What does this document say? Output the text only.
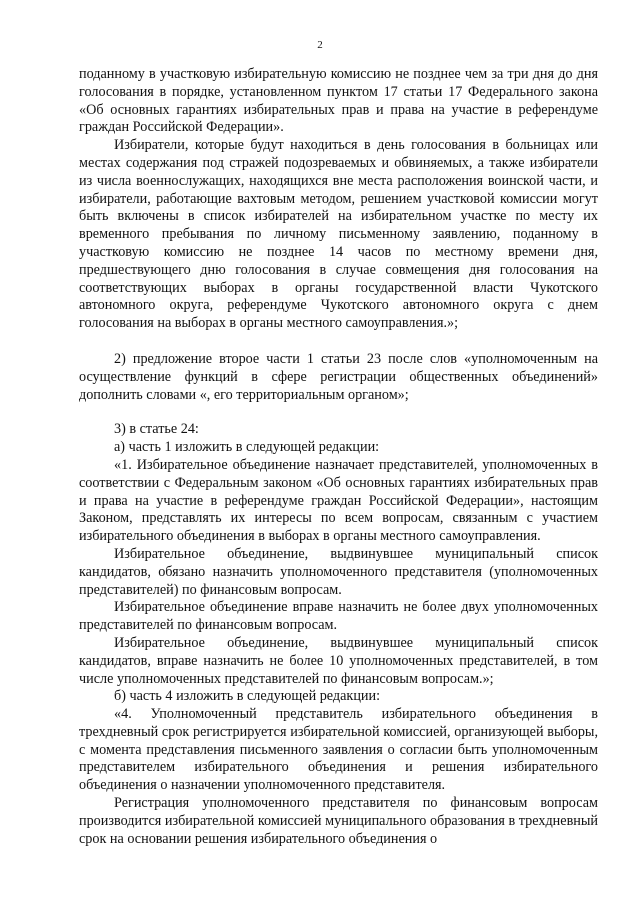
2

поданному в участковую избирательную комиссию не позднее чем за три дня до дня голосования в порядке, установленном пунктом 17 статьи 17 Федерального закона «Об основных гарантиях избирательных прав и права на участие в референдуме граждан Российской Федерации».

Избиратели, которые будут находиться в день голосования в больницах или местах содержания под стражей подозреваемых и обвиняемых, а также избиратели из числа военнослужащих, находящихся вне места расположения воинской части, и избиратели, работающие вахтовым методом, решением участковой комиссии могут быть включены в список избирателей на избирательном участке по месту их временного пребывания по личному письменному заявлению, поданному в участковую комиссию не позднее 14 часов по местному времени дня, предшествующего дню голосования в случае совмещения дня голосования на соответствующих выборах в органы государственной власти Чукотского автономного округа, референдуме Чукотского автономного округа с днем голосования на выборах в органы местного самоуправления.»;

2) предложение второе части 1 статьи 23 после слов «уполномоченным на осуществление функций в сфере регистрации общественных объединений» дополнить словами «, его территориальным органом»;

3) в статье 24:

а) часть 1 изложить в следующей редакции:

«1. Избирательное объединение назначает представителей, уполномоченных в соответствии с Федеральным законом «Об основных гарантиях избирательных прав и права на участие в референдуме граждан Российской Федерации», настоящим Законом, представлять их интересы по всем вопросам, связанным с участием избирательного объединения в выборах в органы местного самоуправления.

Избирательное объединение, выдвинувшее муниципальный список кандидатов, обязано назначить уполномоченного представителя (уполномоченных представителей) по финансовым вопросам.

Избирательное объединение вправе назначить не более двух уполномоченных представителей по финансовым вопросам.

Избирательное объединение, выдвинувшее муниципальный список кандидатов, вправе назначить не более 10 уполномоченных представителей, в том числе уполномоченных представителей по финансовым вопросам.»;

б) часть 4 изложить в следующей редакции:

«4. Уполномоченный представитель избирательного объединения в трехдневный срок регистрируется избирательной комиссией, организующей выборы, с момента представления письменного заявления о согласии быть уполномоченным представителем избирательного объединения и решения избирательного объединения о назначении уполномоченного представителя.

Регистрация уполномоченного представителя по финансовым вопросам производится избирательной комиссией муниципального образования в трехдневный срок на основании решения избирательного объединения о
